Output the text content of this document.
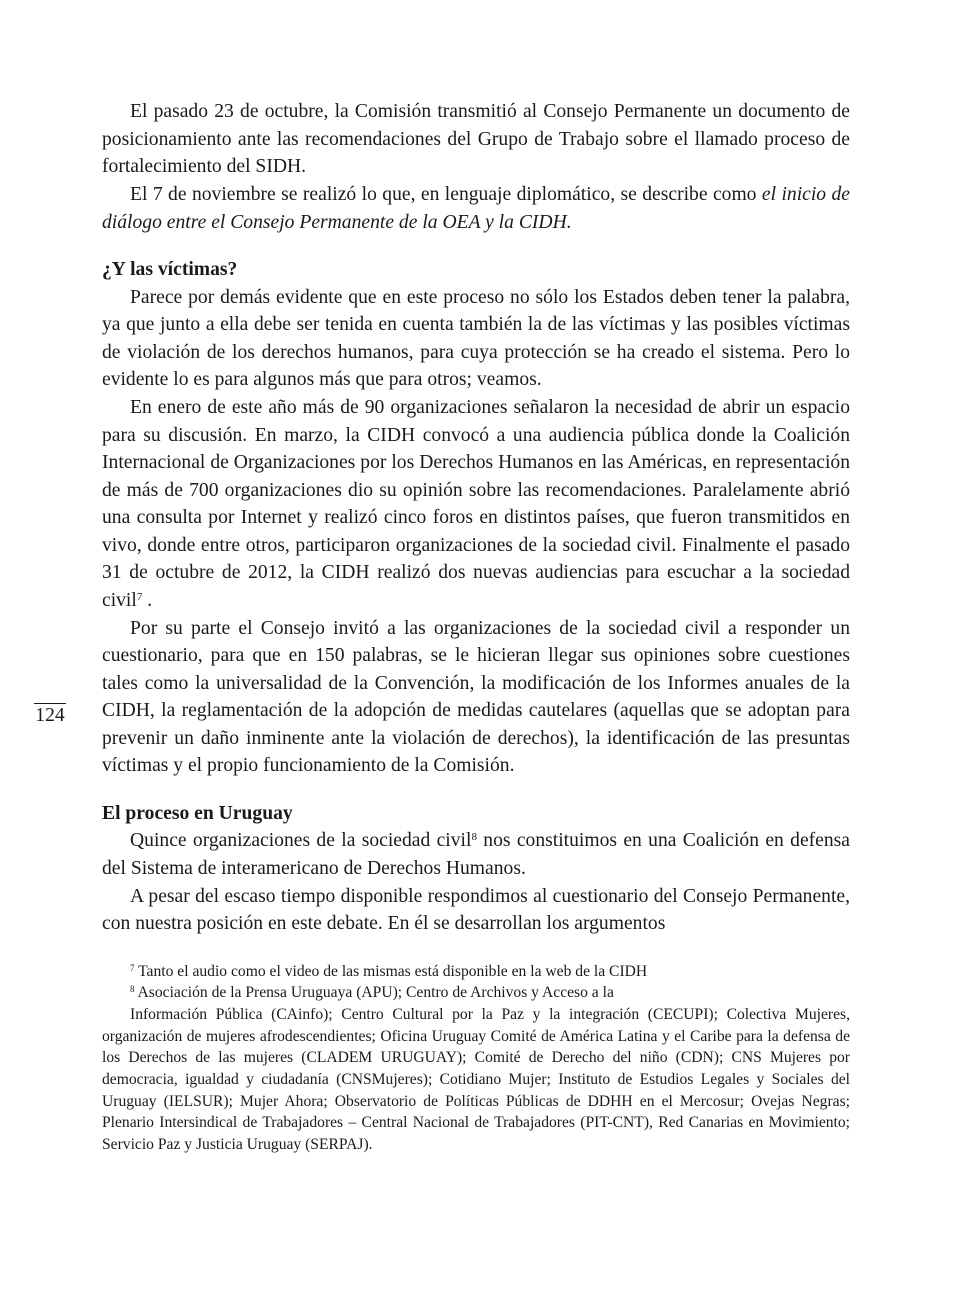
124

El pasado 23 de octubre, la Comisión transmitió al Consejo Permanente un documento de posicionamiento ante las recomendaciones del Grupo de Trabajo sobre el llamado proceso de fortalecimiento del SIDH.

El 7 de noviembre se realizó lo que, en lenguaje diplomático, se describe como el inicio de diálogo entre el Consejo Permanente de la OEA y la CIDH.

¿Y las víctimas?

Parece por demás evidente que en este proceso no sólo los Estados deben tener la palabra, ya que junto a ella debe ser tenida en cuenta también la de las víctimas y las posibles víctimas de violación de los derechos humanos, para cuya protección se ha creado el sistema. Pero lo evidente lo es para algunos más que para otros; veamos.

En enero de este año más de 90 organizaciones señalaron la necesidad de abrir un espacio para su discusión. En marzo, la CIDH convocó a una audiencia pública donde la Coalición Internacional de Organizaciones por los Derechos Humanos en las Américas, en representación de más de 700 organizaciones dio su opinión sobre las recomendaciones. Paralelamente abrió una consulta por Internet y realizó cinco foros en distintos países, que fueron transmitidos en vivo, donde entre otros, participaron organizaciones de la sociedad civil. Finalmente el pasado 31 de octubre de 2012, la CIDH realizó dos nuevas audiencias para escuchar a la sociedad civil$^7$ .

Por su parte el Consejo invitó a las organizaciones de la sociedad civil a responder un cuestionario, para que en 150 palabras, se le hicieran llegar sus opiniones sobre cuestiones tales como la universalidad de la Convención, la modificación de los Informes anuales de la CIDH, la reglamentación de la adopción de medidas cautelares (aquellas que se adoptan para prevenir un daño inminente ante la violación de derechos), la identificación de las presuntas víctimas y el propio funcionamiento de la Comisión.

El proceso en Uruguay

Quince organizaciones de la sociedad civil$^8$ nos constituimos en una Coalición en defensa del Sistema de interamericano de Derechos Humanos.

A pesar del escaso tiempo disponible respondimos al cuestionario del Consejo Permanente, con nuestra posición en este debate. En él se desarrollan los argumentos

$^7$ Tanto el audio como el video de las mismas está disponible en la web de la CIDH

$^8$ Asociación de la Prensa Uruguaya (APU); Centro de Archivos y Acceso a la

Información Pública (CAinfo); Centro Cultural por la Paz y la integración (CECUPI); Colectiva Mujeres, organización de mujeres afrodescendientes; Oficina Uruguay Comité de América Latina y el Caribe para la defensa de los Derechos de las mujeres (CLADEM URUGUAY); Comité de Derecho del niño (CDN); CNS Mujeres por democracia, igualdad y ciudadanía (CNSMujeres); Cotidiano Mujer; Instituto de Estudios Legales y Sociales del Uruguay (IELSUR); Mujer Ahora; Observatorio de Políticas Públicas de DDHH en el Mercosur; Ovejas Negras; Plenario Intersindical de Trabajadores – Central Nacional de Trabajadores (PIT-CNT), Red Canarias en Movimiento; Servicio Paz y Justicia Uruguay (SERPAJ).
